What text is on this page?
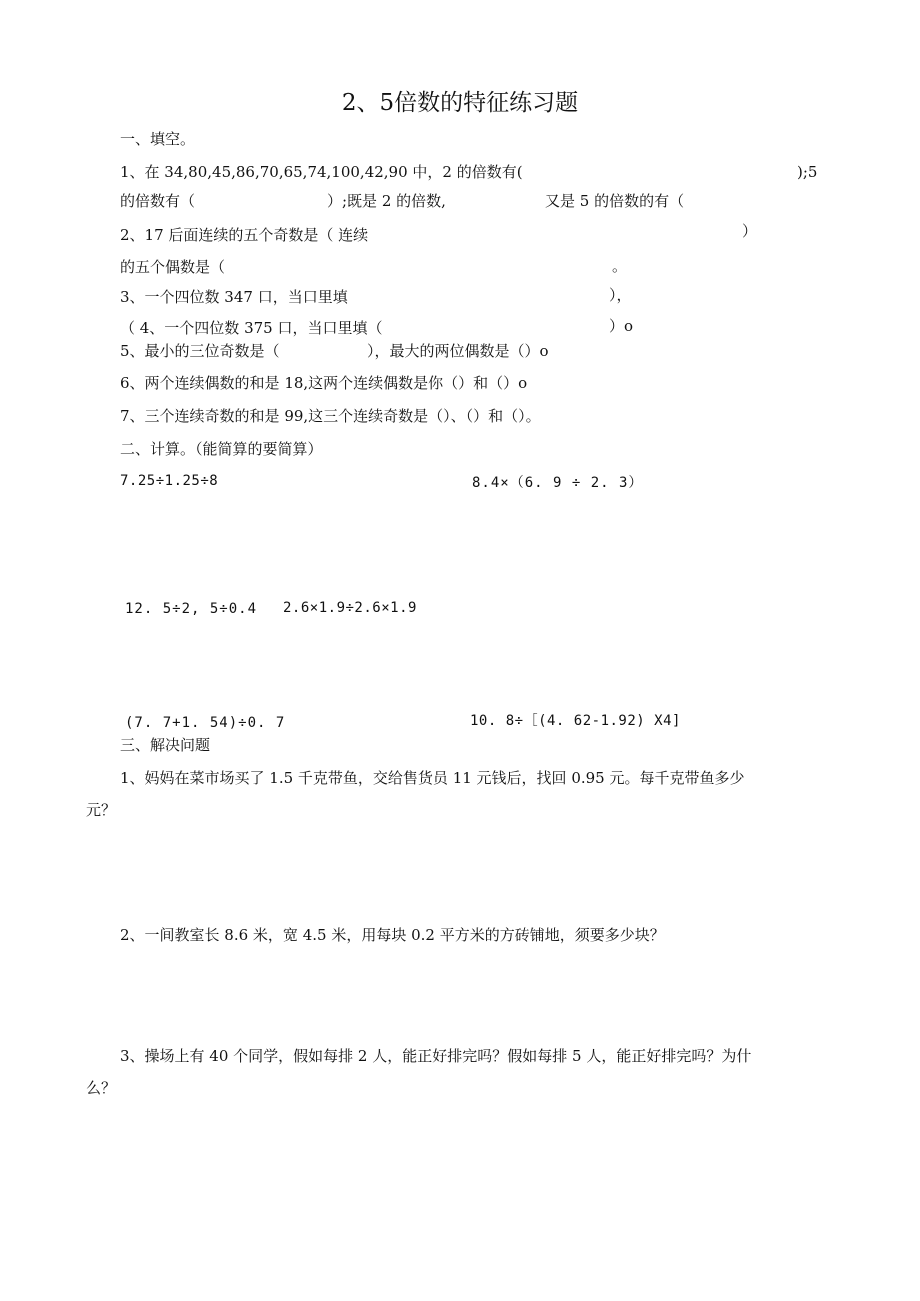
2、5倍数的特征练习题
一、填空。
1、在 34,80,45,86,70,65,74,100,42,90 中，2 的倍数有(	);5
的倍数有（	）;既是 2 的倍数,	又是 5 的倍数的有（
2、17 后面连续的五个奇数是（ 连续	）
的五个偶数是（	。
3、一个四位数 347 口，当口里填	），
（ 4、一个四位数 375 口，当口里填（	）o
5、最小的三位奇数是（	），最大的两位偶数是（）o
6、两个连续偶数的和是 18,这两个连续偶数是你（）和（）o
7、三个连续奇数的和是 99,这三个连续奇数是（）、（）和（）。
二、计算。（能简算的要简算）
7.25÷1.25÷8	8.4×（6. 9 ÷ 2. 3）
12. 5÷2, 5÷0.4 2.6×1.9÷2.6×1.9
(7. 7+1. 54)÷0. 7	10. 8÷［(4. 62-1.92) X4]
三、解决问题
1、妈妈在菜市场买了 1.5 千克带鱼，交给售货员 11 元钱后，找回 0.95 元。每千克带鱼多少
元？
2、一间教室长 8.6 米，宽 4.5 米，用每块 0.2 平方米的方砖铺地，须要多少块？
3、操场上有 40 个同学，假如每排 2 人，能正好排完吗？假如每排 5 人，能正好排完吗？为什
么？
